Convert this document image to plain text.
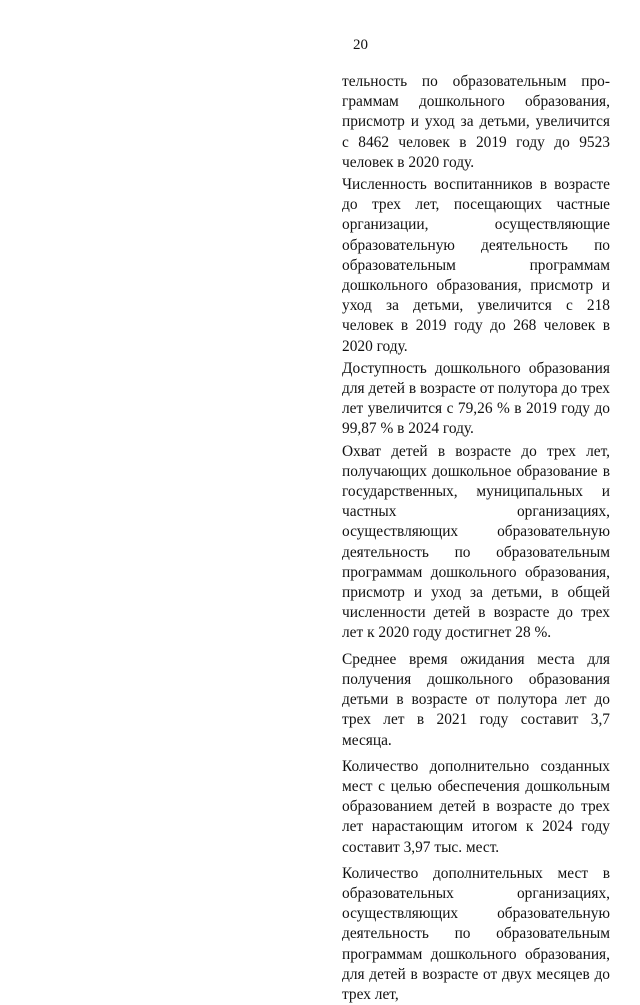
20

тельность по образовательным про-граммам дошкольного образования, присмотр и уход за детьми, увеличится с 8462 человек в 2019 году до 9523 человек в 2020 году.

Численность воспитанников в возрасте до трех лет, посещающих частные организации, осуществляющие образовательную деятельность по образовательным программам дошкольного образования, присмотр и уход за детьми, увеличится с 218 человек в 2019 году до 268 человек в 2020 году.

Доступность дошкольного образования для детей в возрасте от полутора до трех лет увеличится с 79,26 % в 2019 году до 99,87 % в 2024 году.

Охват детей в возрасте до трех лет, получающих дошкольное образование в государственных, муниципальных и частных организациях, осуществляющих образовательную деятельность по образовательным программам дошкольного образования, присмотр и уход за детьми, в общей численности детей в возрасте до трех лет к 2020 году достигнет 28 %.

Среднее время ожидания места для получения дошкольного образования детьми в возрасте от полутора лет до трех лет в 2021 году составит 3,7 месяца.

Количество дополнительно созданных мест с целью обеспечения дошкольным образованием детей в возрасте до трех лет нарастающим итогом к 2024 году составит 3,97 тыс. мест.

Количество дополнительных мест в образовательных организациях, осуществляющих образовательную деятельность по образовательным программам дошкольного образования, для детей в возрасте от двух месяцев до трех лет,
